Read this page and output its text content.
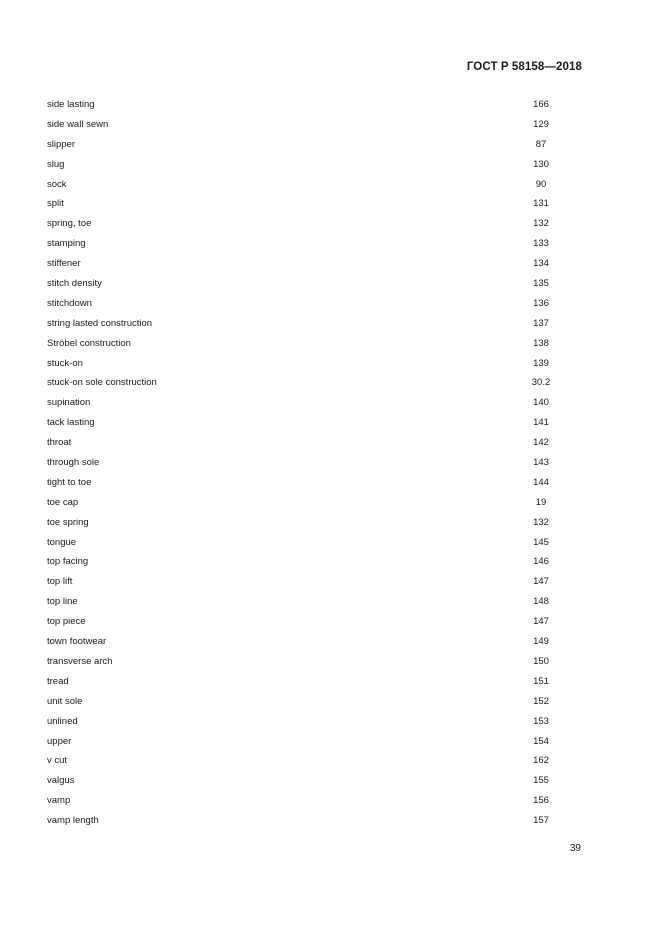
ГОСТ Р 58158—2018
side lasting	166
side wall sewn	129
slipper	87
slug	130
sock	90
split	131
spring, toe	132
stamping	133
stiffener	134
stitch density	135
stitchdown	136
string lasted construction	137
Ströbel construction	138
stuck-on	139
stuck-on sole construction	30.2
supination	140
tack lasting	141
throat	142
through sole	143
tight to toe	144
toe cap	19
toe spring	132
tongue	145
top facing	146
top lift	147
top line	148
top piece	147
town footwear	149
transverse arch	150
tread	151
unit sole	152
unlined	153
upper	154
v cut	162
valgus	155
vamp	156
vamp length	157
39
